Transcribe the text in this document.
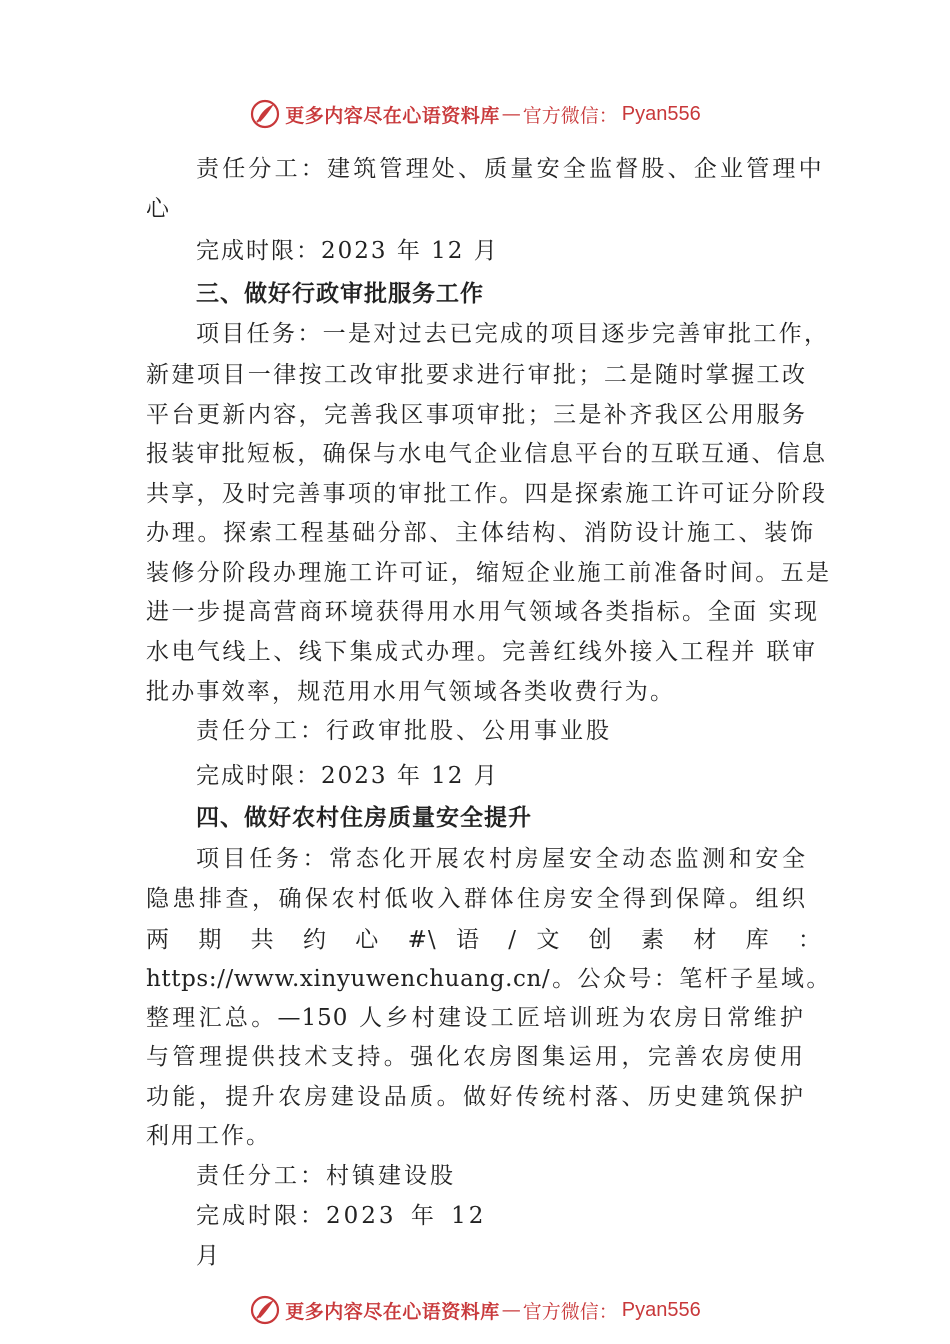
更多内容尽在心语资料库 — 官方微信： Pyan556
责任分工：建筑管理处、质量安全监督股、企业管理中
心
完成时限：2023 年 12 月
三、做好行政审批服务工作
项目任务：一是对过去已完成的项目逐步完善审批工作，
新建项目一律按工改审批要求进行审批；二是随时掌握工改
平台更新内容，完善我区事项审批；三是补齐我区公用服务
报装审批短板，确保与水电气企业信息平台的互联互通、信息
共享，及时完善事项的审批工作。四是探索施工许可证分阶段
办理。探索工程基础分部、主体结构、消防设计施工、装饰
装修分阶段办理施工许可证，缩短企业施工前准备时间。五是
进一步提高营商环境获得用水用气领域各类指标。全面 实现
水电气线上、线下集成式办理。完善红线外接入工程并 联审
批办事效率，规范用水用气领域各类收费行为。
责任分工：行政审批股、公用事业股
完成时限：2023 年 12 月
四、做好农村住房质量安全提升
项目任务：常态化开展农村房屋安全动态监测和安全
隐患排查，确保农村低收入群体住房安全得到保障。组织
两 期 共 约 心 #\ 语 / 文 创 素 材 库 ：
https://www.xinyuwenchuang.cn/。公众号：笔杆子星域。
整理汇总。—150 人乡村建设工匠培训班为农房日常维护
与管理提供技术支持。强化农房图集运用，完善农房使用
功能，提升农房建设品质。做好传统村落、历史建筑保护
利用工作。
责任分工：村镇建设股
完成时限：2023 年 12
月
更多内容尽在心语资料库 — 官方微信： Pyan556
